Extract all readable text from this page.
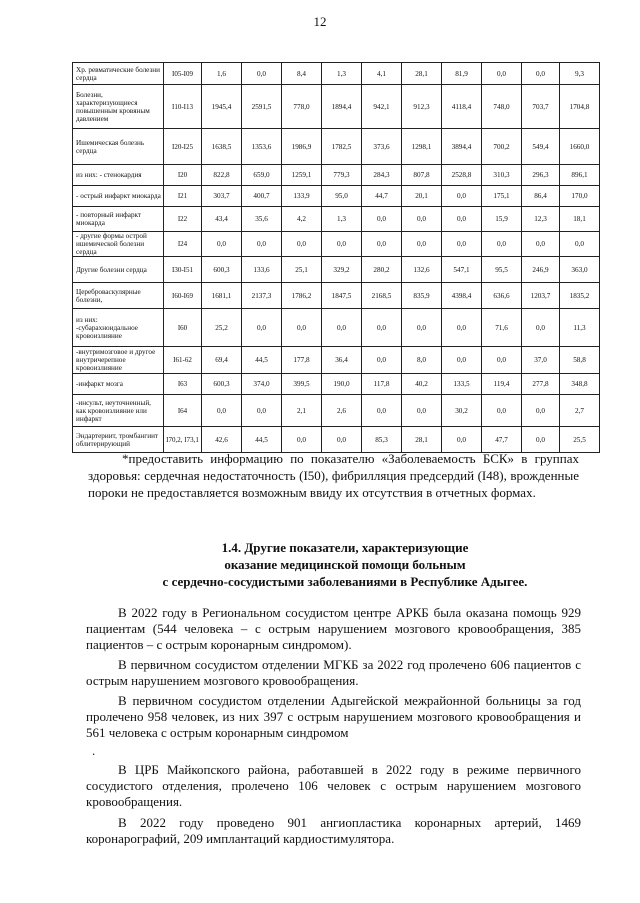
12
Хр. ревматические болезни сердца	I05-I09	1,6	0,0	8,4	1,3	4,1	28,1	81,9	0,0	0,0	9,3
Болезни, характеризующиеся повышенным кровяным давлением	I10-I13	1945,4	2591,5	778,0	1894,4	942,1	912,3	4118,4	748,0	703,7	1704,8
Ишемическая болезнь сердца	I20-I25	1638,5	1353,6	1986,9	1782,5	373,6	1298,1	3894,4	700,2	549,4	1660,0
из них: - стенокардия	I20	822,8	659,0	1259,1	779,3	284,3	807,8	2528,8	310,3	296,3	896,1
- острый инфаркт миокарда	I21	303,7	400,7	133,9	95,0	44,7	20,1	0,0	175,1	86,4	170,0
- повторный инфаркт миокарда	I22	43,4	35,6	4,2	1,3	0,0	0,0	0,0	15,9	12,3	18,1
- другие формы острой ишемической болезни сердца	I24	0,0	0,0	0,0	0,0	0,0	0,0	0,0	0,0	0,0	0,0
Другие болезни сердца	I30-I51	600,3	133,6	25,1	329,2	280,2	132,6	547,1	95,5	246,9	363,0
Цереброваскулярные болезни,	I60-I69	1681,1	2137,3	1786,2	1847,5	2168,5	835,9	4398,4	636,6	1203,7	1835,2
из них: -субарахноидальное кровоизлияние	I60	25,2	0,0	0,0	0,0	0,0	0,0	0,0	71,6	0,0	11,3
-внутримозговое и другое внутричерепное кровоизлияние	I61-62	69,4	44,5	177,8	36,4	0,0	8,0	0,0	0,0	37,0	58,8
-инфаркт мозга	I63	600,3	374,0	399,5	190,0	117,8	40,2	133,5	119,4	277,8	348,8
-инсульт, неуточненный, как кровоизлияние или инфаркт	I64	0,0	0,0	2,1	2,6	0,0	0,0	30,2	0,0	0,0	2,7
Эндартериит, тромбангиит облитерирующий	I70,2, I73,1	42,6	44,5	0,0	0,0	85,3	28,1	0,0	47,7	0,0	25,5
*предоставить информацию по показателю «Заболеваемость БСК» в группах здоровья: сердечная недостаточность (I50), фибрилляция предсердий (I48), врожденные пороки не предоставляется возможным ввиду их отсутствия в отчетных формах.
1.4. Другие показатели, характеризующие
оказание медицинской помощи больным
с сердечно-сосудистыми заболеваниями в Республике Адыгее.
В 2022 году в Региональном сосудистом центре АРКБ была оказана помощь 929 пациентам (544 человека – с острым нарушением мозгового кровообращения, 385 пациентов – с острым коронарным синдромом).
В первичном сосудистом отделении МГКБ за 2022 год пролечено 606 пациентов с острым нарушением мозгового кровообращения.
В первичном сосудистом отделении Адыгейской межрайонной больницы за год пролечено 958 человек, из них 397 с острым нарушением мозгового кровообращения и 561 человека с острым коронарным синдромом
.
В ЦРБ Майкопского района, работавшей в 2022 году в режиме первичного сосудистого отделения, пролечено 106 человек с острым нарушением мозгового кровообращения.
В 2022 году проведено 901 ангиопластика коронарных артерий, 1469 коронарографий, 209 имплантаций кардиостимулятора.
